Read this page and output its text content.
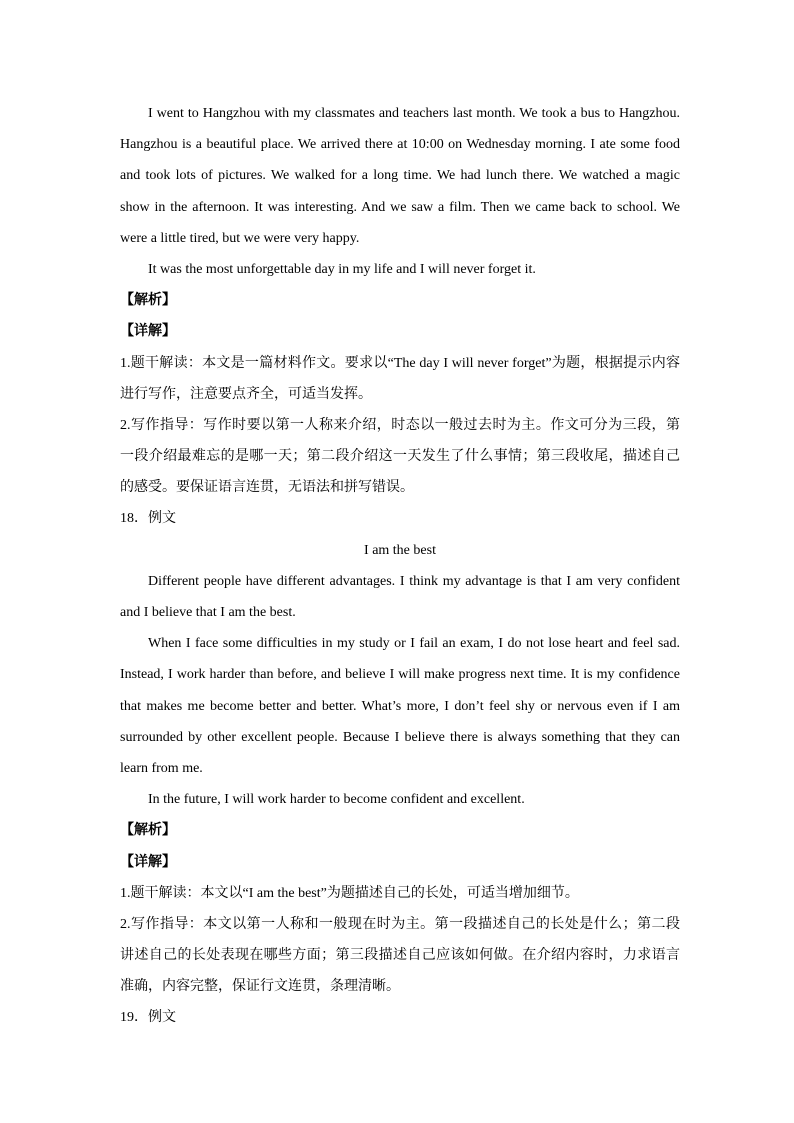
I went to Hangzhou with my classmates and teachers last month. We took a bus to Hangzhou.
Hangzhou is a beautiful place. We arrived there at 10:00 on Wednesday morning. I ate some food
and took lots of pictures. We walked for a long time. We had lunch there. We watched a magic
show in the afternoon. It was interesting. And we saw a film. Then we came back to school. We
were a little tired, but we were very happy.
It was the most unforgettable day in my life and I will never forget it.
【解析】
【详解】
1.题干解读：本文是一篇材料作文。要求以“The day I will never forget”为题，根据提示内容
进行写作，注意要点齐全，可适当发挥。
2.写作指导：写作时要以第一人称来介绍，时态以一般过去时为主。作文可分为三段，第
一段介绍最难忘的是哪一天；第二段介绍这一天发生了什么事情；第三段收尾，描述自己
的感受。要保证语言连贯，无语法和拼写错误。
18．例文
I am the best
Different people have different advantages. I think my advantage is that I am very confident
and I believe that I am the best.
When I face some difficulties in my study or I fail an exam, I do not lose heart and feel sad.
Instead, I work harder than before, and believe I will make progress next time. It is my confidence
that makes me become better and better. What’s more, I don’t feel shy or nervous even if I am
surrounded by other excellent people. Because I believe there is always something that they can
learn from me.
In the future, I will work harder to become confident and excellent.
【解析】
【详解】
1.题干解读：本文以“I am the best”为题描述自己的长处，可适当增加细节。
2.写作指导：本文以第一人称和一般现在时为主。第一段描述自己的长处是什么；第二段
讲述自己的长处表现在哪些方面；第三段描述自己应该如何做。在介绍内容时，力求语言
准确，内容完整，保证行文连贯，条理清晰。
19．例文
